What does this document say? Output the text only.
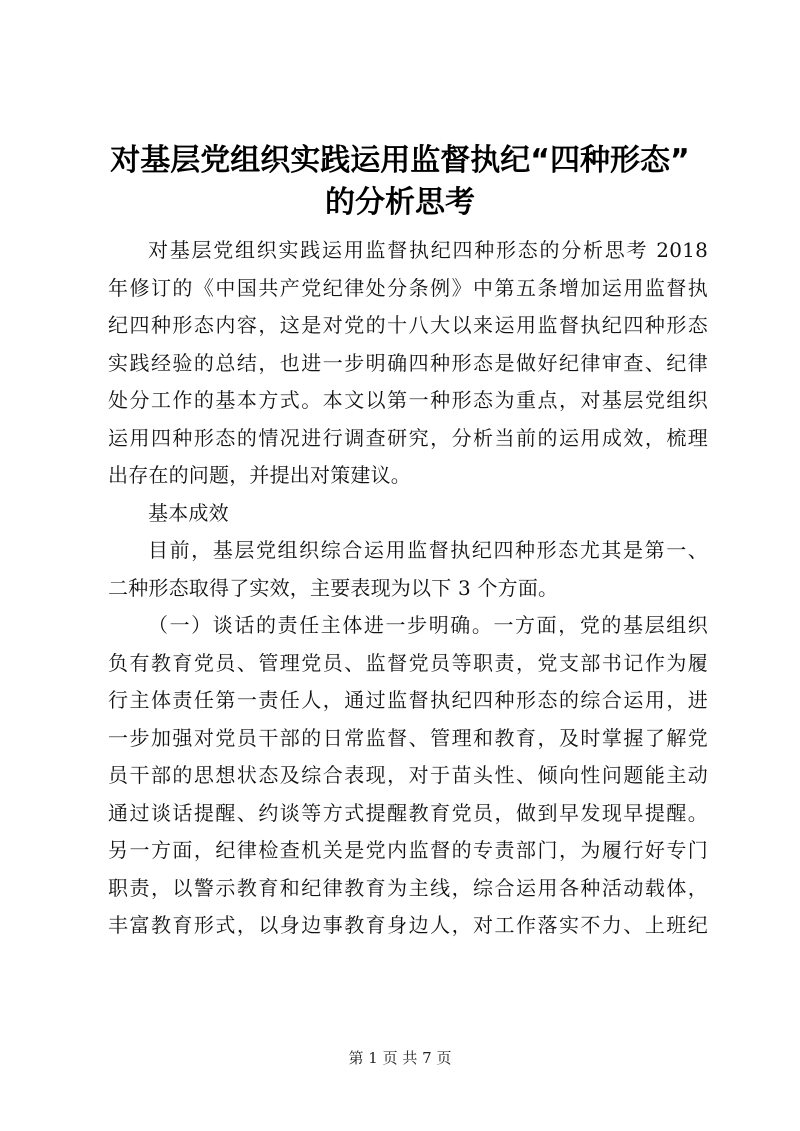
对基层党组织实践运用监督执纪“四种形态”
的分析思考
对基层党组织实践运用监督执纪四种形态的分析思考 2018
年修订的《中国共产党纪律处分条例》中第五条增加运用监督执
纪四种形态内容，这是对党的十八大以来运用监督执纪四种形态
实践经验的总结，也进一步明确四种形态是做好纪律审查、纪律
处分工作的基本方式。本文以第一种形态为重点，对基层党组织
运用四种形态的情况进行调查研究，分析当前的运用成效，梳理
出存在的问题，并提出对策建议。
基本成效
目前，基层党组织综合运用监督执纪四种形态尤其是第一、
二种形态取得了实效，主要表现为以下 3 个方面。
（一）谈话的责任主体进一步明确。一方面，党的基层组织
负有教育党员、管理党员、监督党员等职责，党支部书记作为履
行主体责任第一责任人，通过监督执纪四种形态的综合运用，进
一步加强对党员干部的日常监督、管理和教育，及时掌握了解党
员干部的思想状态及综合表现，对于苗头性、倾向性问题能主动
通过谈话提醒、约谈等方式提醒教育党员，做到早发现早提醒。
另一方面，纪律检查机关是党内监督的专责部门，为履行好专门
职责，以警示教育和纪律教育为主线，综合运用各种活动载体，
丰富教育形式，以身边事教育身边人，对工作落实不力、上班纪
第 1 页 共 7 页
